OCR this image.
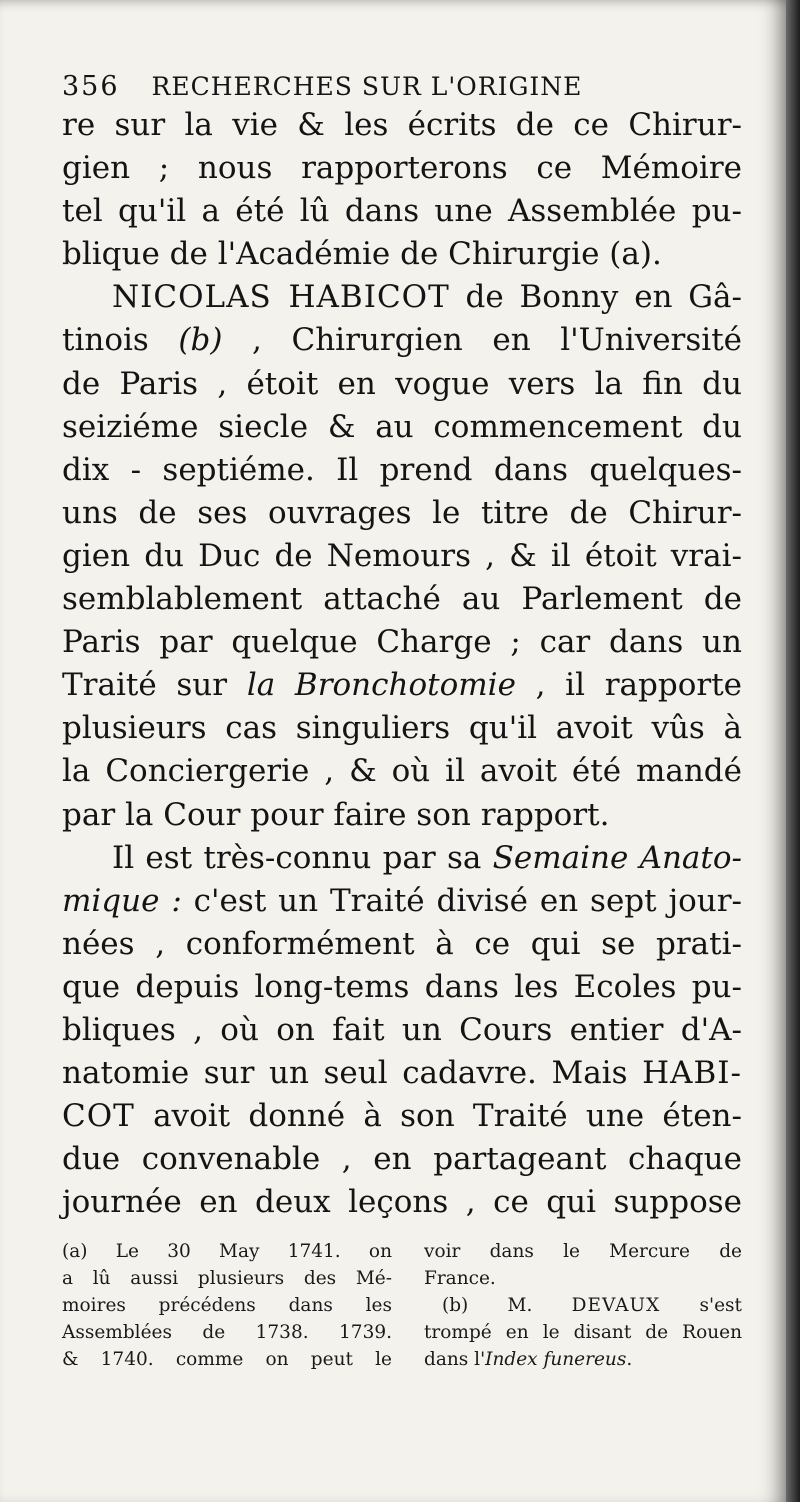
356 RECHERCHES SUR L'ORIGINE
re sur la vie & les écrits de ce Chirur-
gien ; nous rapporterons ce Mémoire
tel qu'il a été lû dans une Assemblée pu-
blique de l'Académie de Chirurgie (a).
NICOLAS HABICOT de Bonny en Gâ-
tinois (b) , Chirurgien en l'Université
de Paris , étoit en vogue vers la fin du
seiziéme siecle & au commencement du
dix - septiéme. Il prend dans quelques-
uns de ses ouvrages le titre de Chirur-
gien du Duc de Nemours , & il étoit vrai-
semblablement attaché au Parlement de
Paris par quelque Charge ; car dans un
Traité sur la Bronchotomie , il rapporte
plusieurs cas singuliers qu'il avoit vûs à
la Conciergerie , & où il avoit été mandé
par la Cour pour faire son rapport.
Il est très-connu par sa Semaine Anato-
mique : c'est un Traité divisé en sept jour-
nées , conformément à ce qui se prati-
que depuis long-tems dans les Ecoles pu-
bliques , où on fait un Cours entier d'A-
natomie sur un seul cadavre. Mais HABI-
COT avoit donné à son Traité une éten-
due convenable , en partageant chaque
journée en deux leçons , ce qui suppose
(a) Le 30 May 1741. on
a lû aussi plusieurs des Mé-
moires précédens dans les
Assemblées de 1738. 1739.
& 1740. comme on peut le
voir dans le Mercure de
France.
(b) M. DEVAUX s'est
trompé en le disant de Rouen
dans l'Index funereus.
